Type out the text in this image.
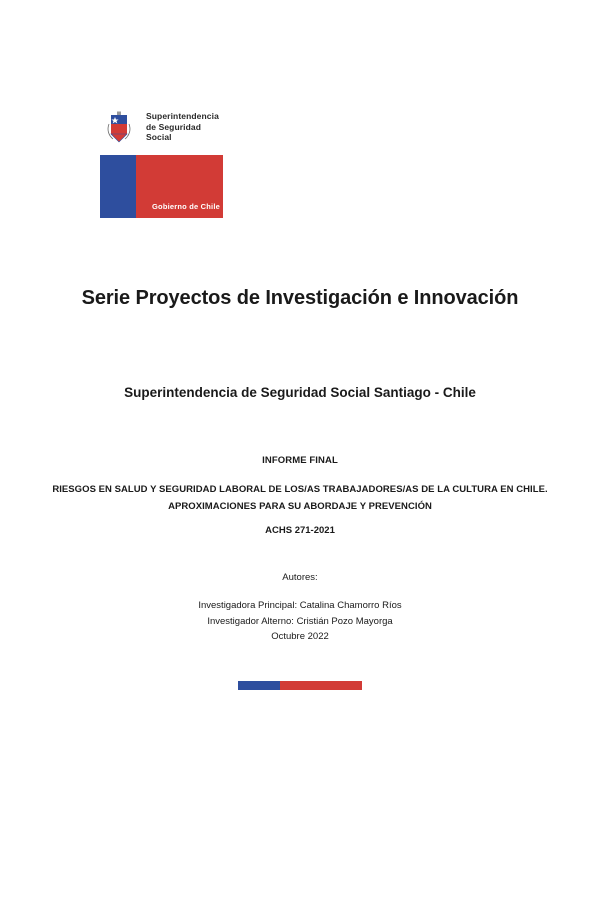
Superintendencia
de Seguridad
Social
Gobierno de Chile
Serie Proyectos de Investigación e Innovación
Superintendencia de Seguridad Social Santiago - Chile
INFORME FINAL
RIESGOS EN SALUD Y SEGURIDAD LABORAL DE LOS/AS TRABAJADORES/AS DE LA CULTURA EN CHILE. APROXIMACIONES PARA SU ABORDAJE Y PREVENCIÓN
ACHS 271-2021
Autores:
Investigadora Principal: Catalina Chamorro Ríos
Investigador Alterno: Cristián Pozo Mayorga
Octubre 2022
